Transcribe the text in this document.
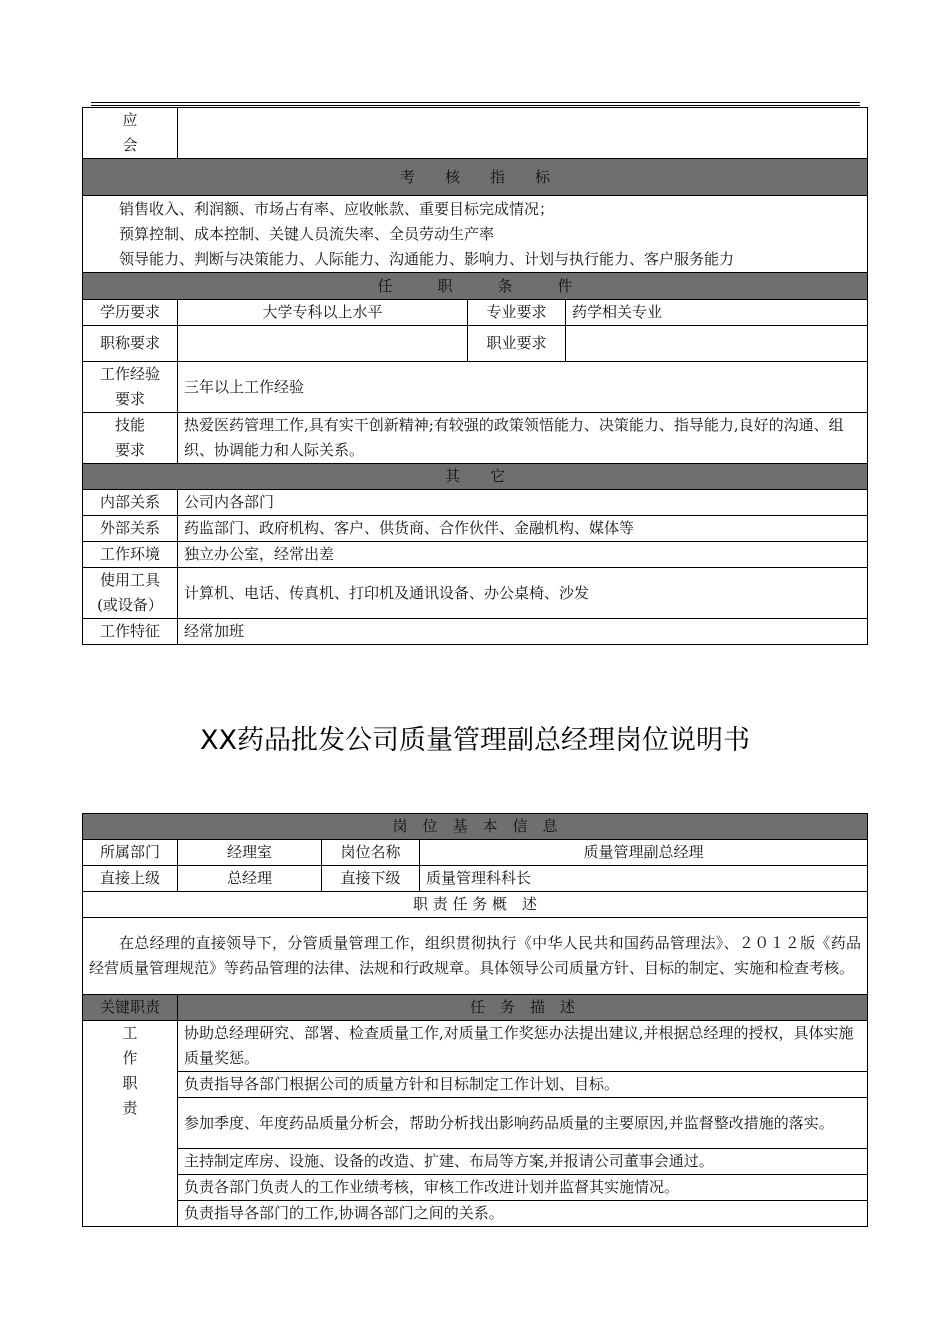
应
会			

考　　核　　指　　标			

销售收入、利润额、市场占有率、应收帐款、重要目标完成情况；
预算控制、成本控制、关键人员流失率、全员劳动生产率
领导能力、判断与决策能力、人际能力、沟通能力、影响力、计划与执行能力、客户服务能力			

任　　　职　　　条　　　件			
学历要求	大学专科以上水平	专业要求	药学相关专业
职称要求		职业要求	

工作经验
要求	三年以上工作经验		

技能
要求	热爱医药管理工作,具有实干创新精神;有较强的政策领悟能力、决策能力、指导能力,良好的沟通、组织、协调能力和人际关系。		
其　　它			
内部关系	公司内各部门		
外部关系	药监部门、政府机构、客户、供货商、合作伙伴、金融机构、媒体等		
工作环境	独立办公室，经常出差		

使用工具
(或设备）	计算机、电话、传真机、打印机及通讯设备、办公桌椅、沙发		
工作特征	经常加班		
XX药品批发公司质量管理副总经理岗位说明书
岗　位　基　本　信　息			
所属部门	经理室	岗位名称	质量管理副总经理
直接上级	总经理	直接下级	质量管理科科长
职 责 任 务 概　述			
在总经理的直接领导下，分管质量管理工作，组织贯彻执行《中华人民共和国药品管理法》、２０１２版《药品经营质量管理规范》等药品管理的法律、法规和行政规章。具体领导公司质量方针、目标的制定、实施和检查考核。			
关键职责	任　务　描　述		

工
作
职
责	协助总经理研究、部署、检查质量工作,对质量工作奖惩办法提出建议,并根据总经理的授权，具体实施质量奖惩。		
	负责指导各部门根据公司的质量方针和目标制定工作计划、目标。		
	参加季度、年度药品质量分析会，帮助分析找出影响药品质量的主要原因,并监督整改措施的落实。		
	主持制定库房、设施、设备的改造、扩建、布局等方案,并报请公司董事会通过。		
	负责各部门负责人的工作业绩考核，审核工作改进计划并监督其实施情况。		
	负责指导各部门的工作,协调各部门之间的关系。		
